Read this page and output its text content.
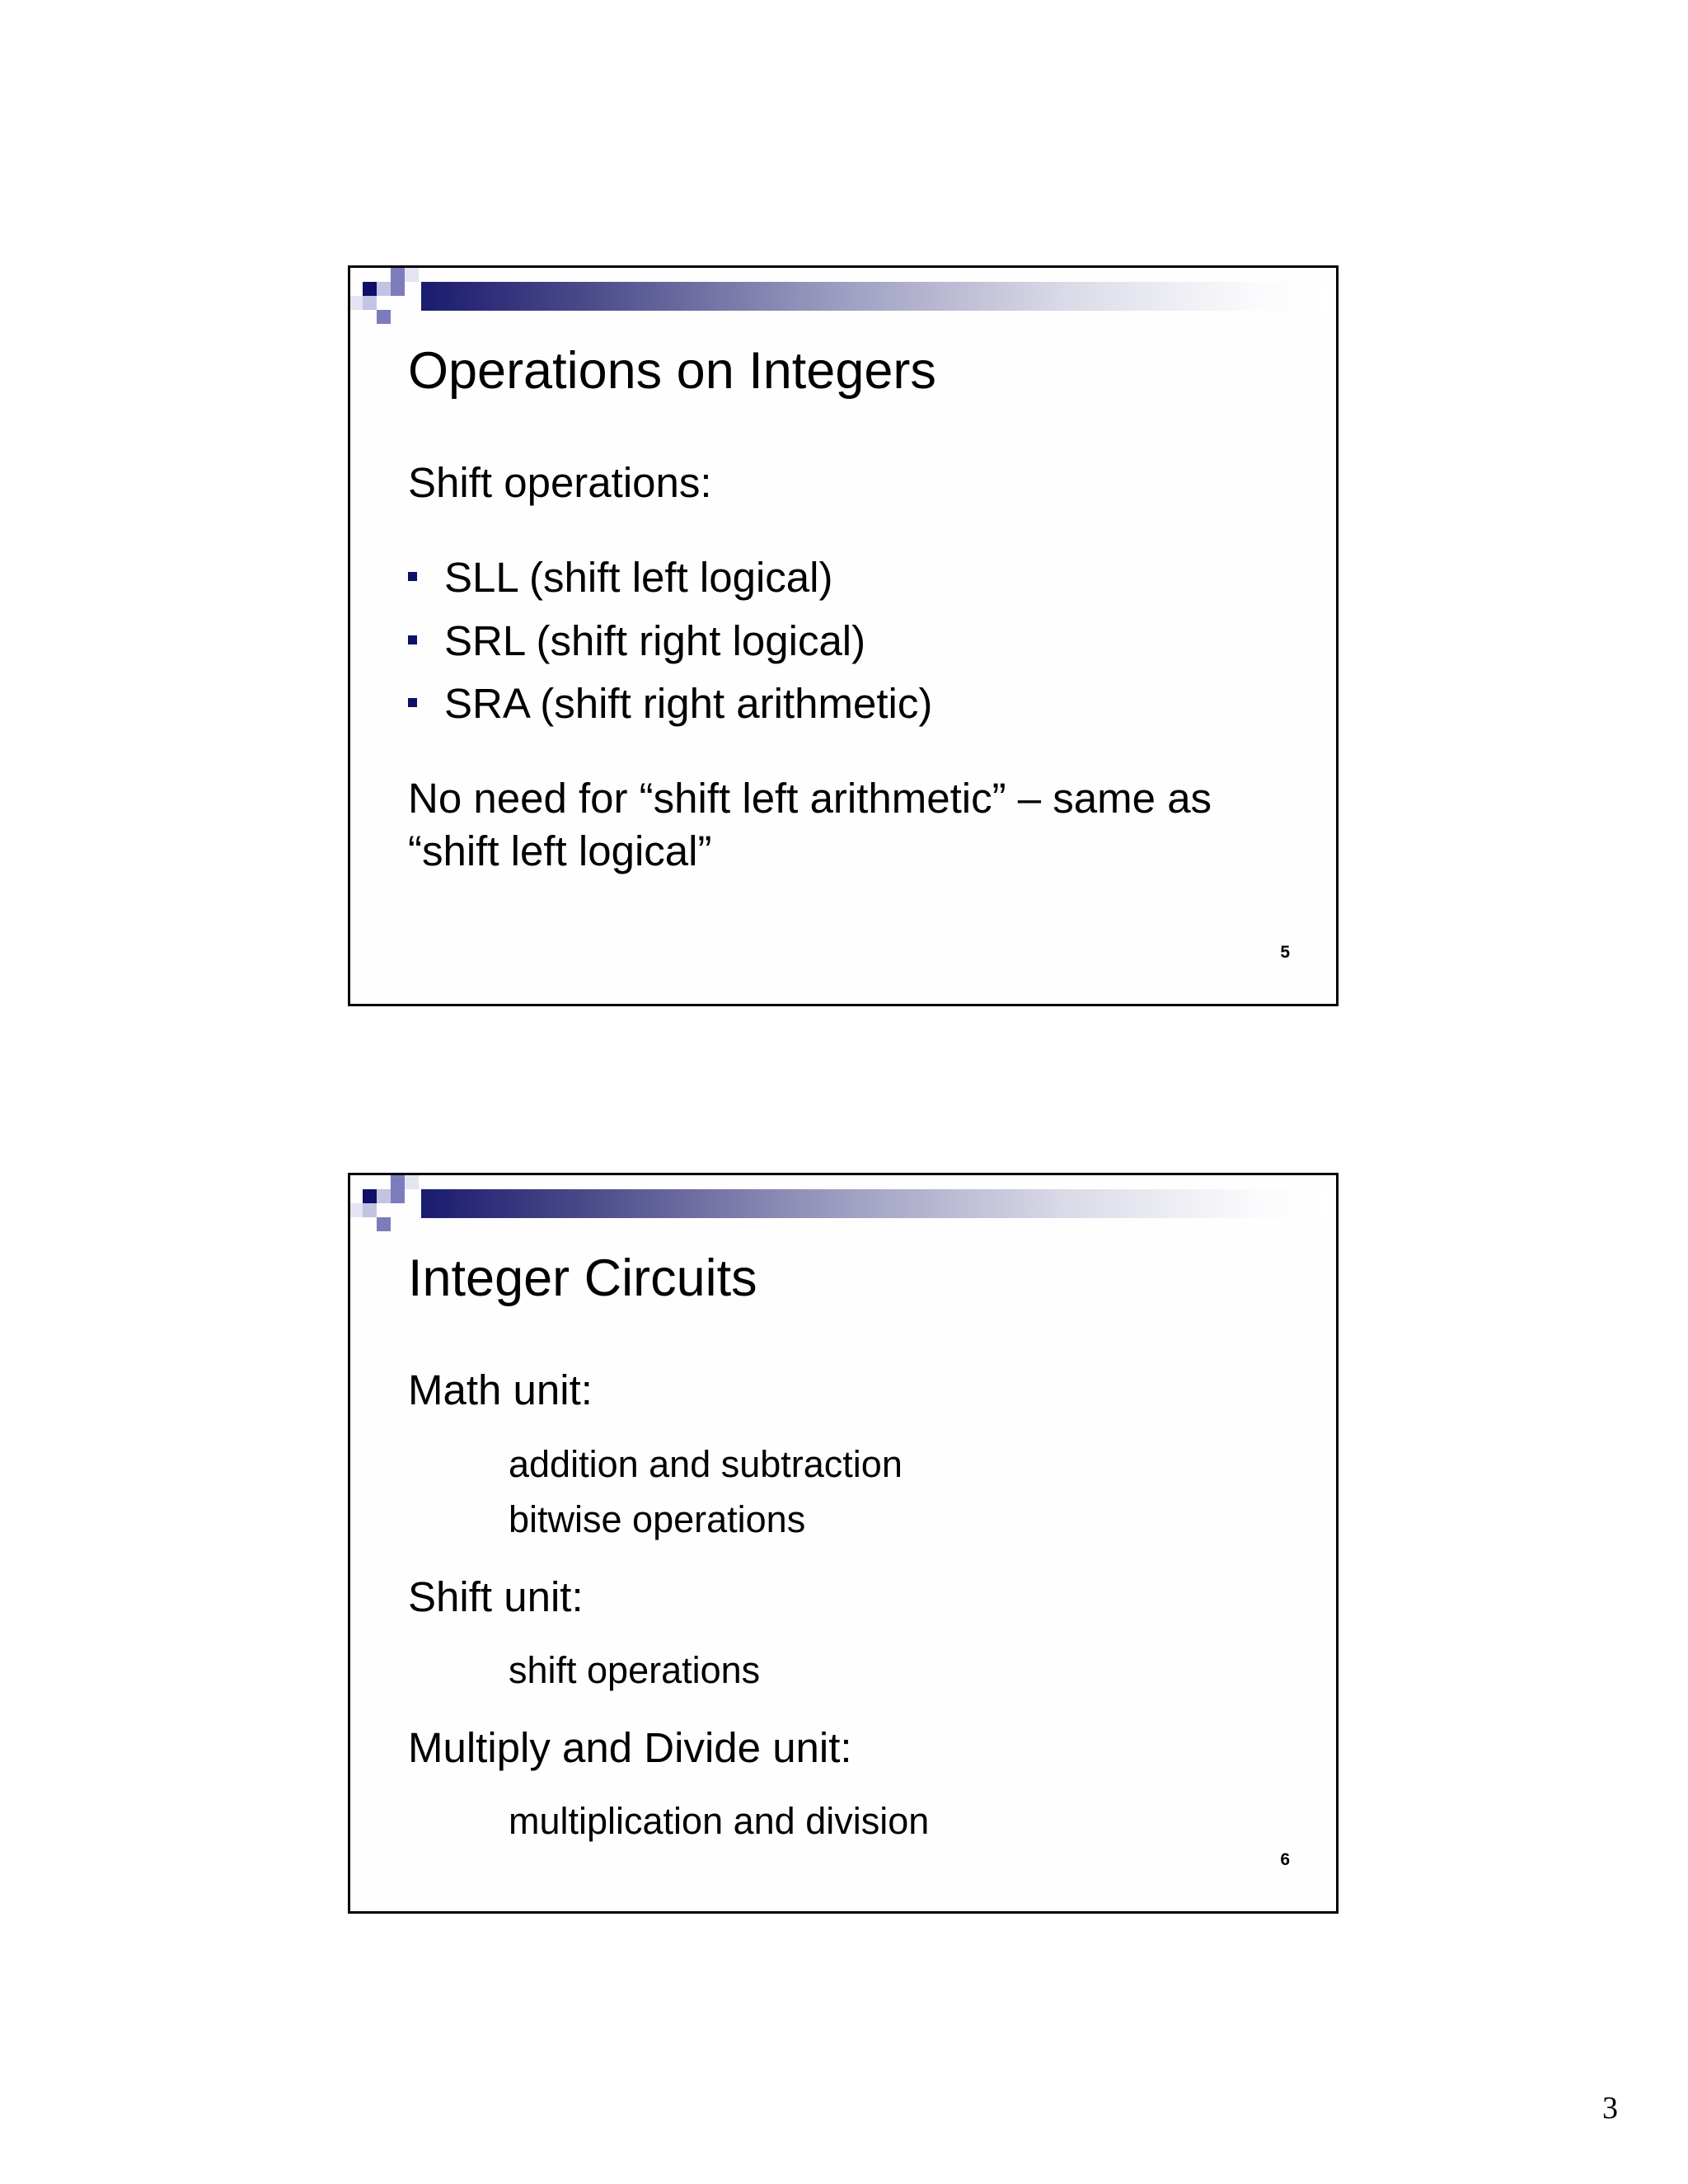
Operations on Integers
Shift operations:
SLL (shift left logical)
SRL (shift right logical)
SRA (shift right arithmetic)
No need for “shift left arithmetic” – same as
“shift left logical”
5
Integer Circuits
Math unit:
addition and subtraction
bitwise operations
Shift unit:
shift operations
Multiply and Divide unit:
multiplication and division
6
3
